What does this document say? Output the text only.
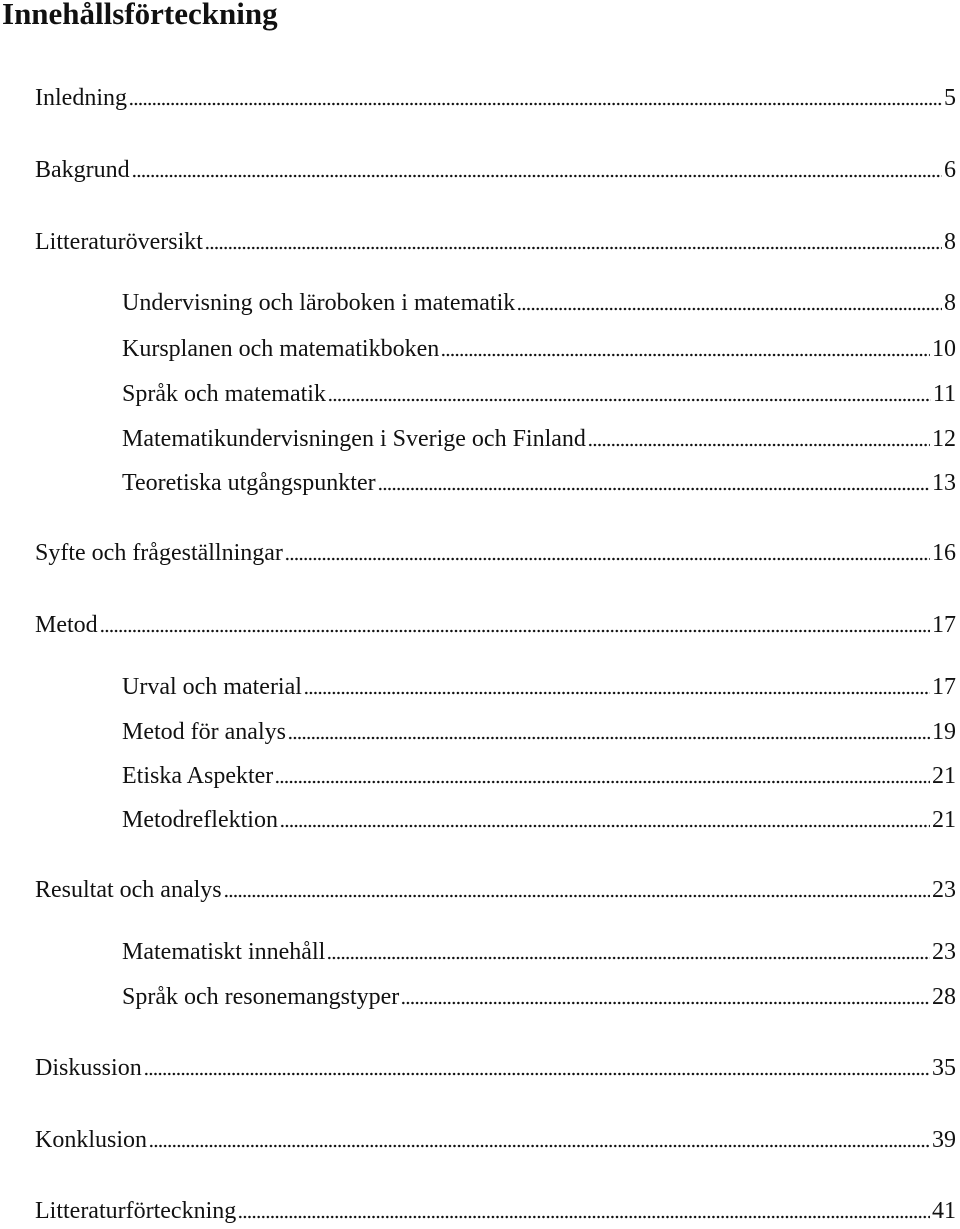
Innehållsförteckning
Inledning	5
Bakgrund	6
Litteraturöversikt	8
Undervisning och läroboken i matematik	8
Kursplanen och matematikboken	10
Språk och matematik	11
Matematikundervisningen i Sverige och Finland	12
Teoretiska utgångspunkter	13
Syfte och frågeställningar	16
Metod	17
Urval och material	17
Metod för analys	19
Etiska Aspekter	21
Metodreflektion	21
Resultat och analys	23
Matematiskt innehåll	23
Språk och resonemangstyper	28
Diskussion	35
Konklusion	39
Litteraturförteckning	41
